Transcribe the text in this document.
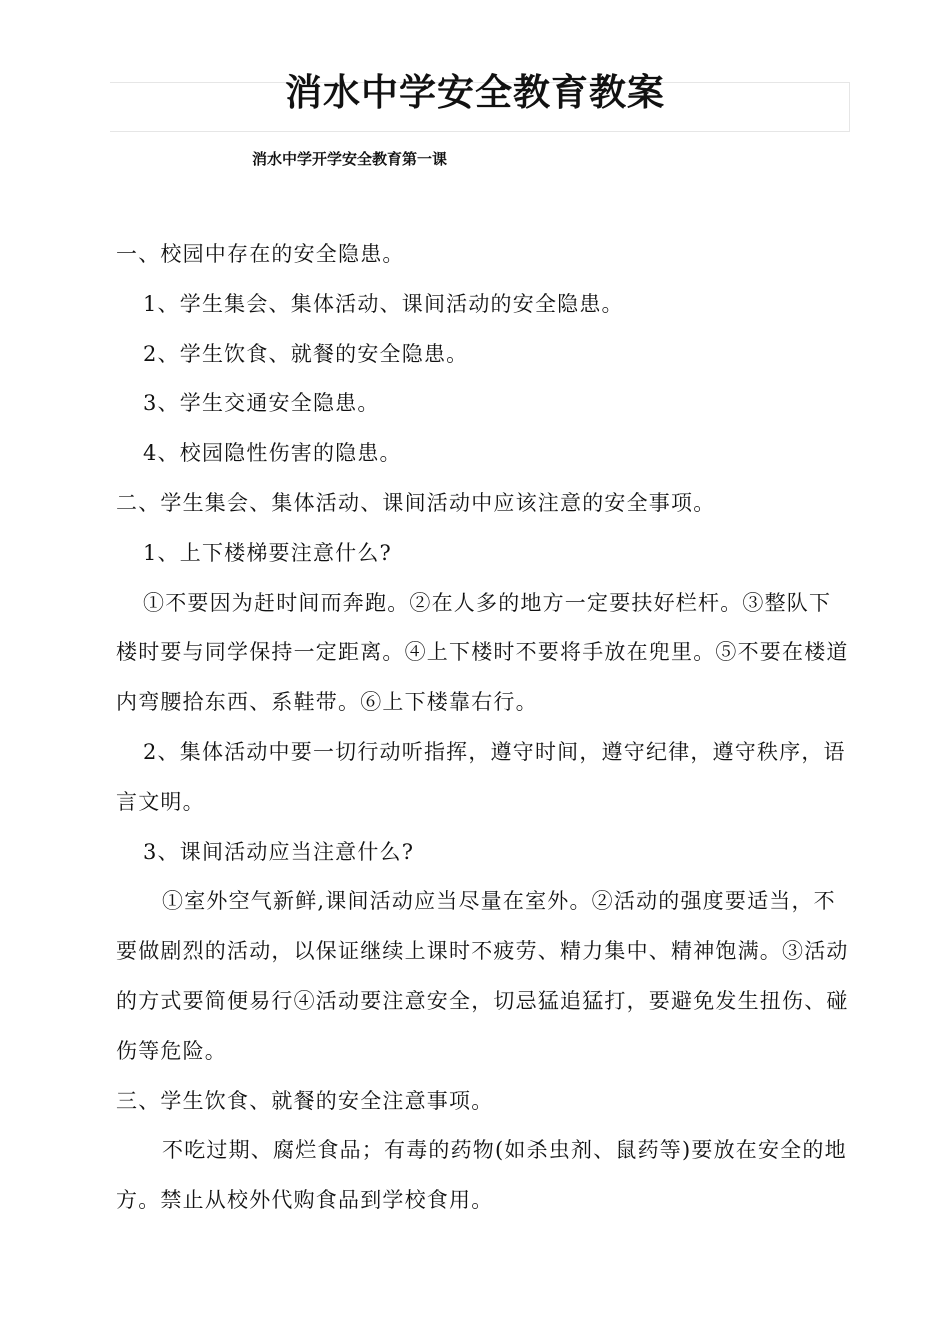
消水中学安全教育教案
消水中学开学安全教育第一课

一、校园中存在的安全隐患。

1、学生集会、集体活动、课间活动的安全隐患。

2、学生饮食、就餐的安全隐患。

3、学生交通安全隐患。

4、校园隐性伤害的隐患。

二、学生集会、集体活动、课间活动中应该注意的安全事项。

1、上下楼梯要注意什么?

①不要因为赶时间而奔跑。②在人多的地方一定要扶好栏杆。③整队下楼时要与同学保持一定距离。④上下楼时不要将手放在兜里。⑤不要在楼道内弯腰拾东西、系鞋带。⑥上下楼靠右行。

2、集体活动中要一切行动听指挥，遵守时间，遵守纪律，遵守秩序，语言文明。

3、课间活动应当注意什么?

①室外空气新鲜,课间活动应当尽量在室外。②活动的强度要适当，不要做剧烈的活动，以保证继续上课时不疲劳、精力集中、精神饱满。③活动的方式要简便易行④活动要注意安全，切忌猛追猛打，要避免发生扭伤、碰伤等危险。

三、学生饮食、就餐的安全注意事项。

不吃过期、腐烂食品；有毒的药物(如杀虫剂、鼠药等)要放在安全的地方。禁止从校外代购食品到学校食用。
